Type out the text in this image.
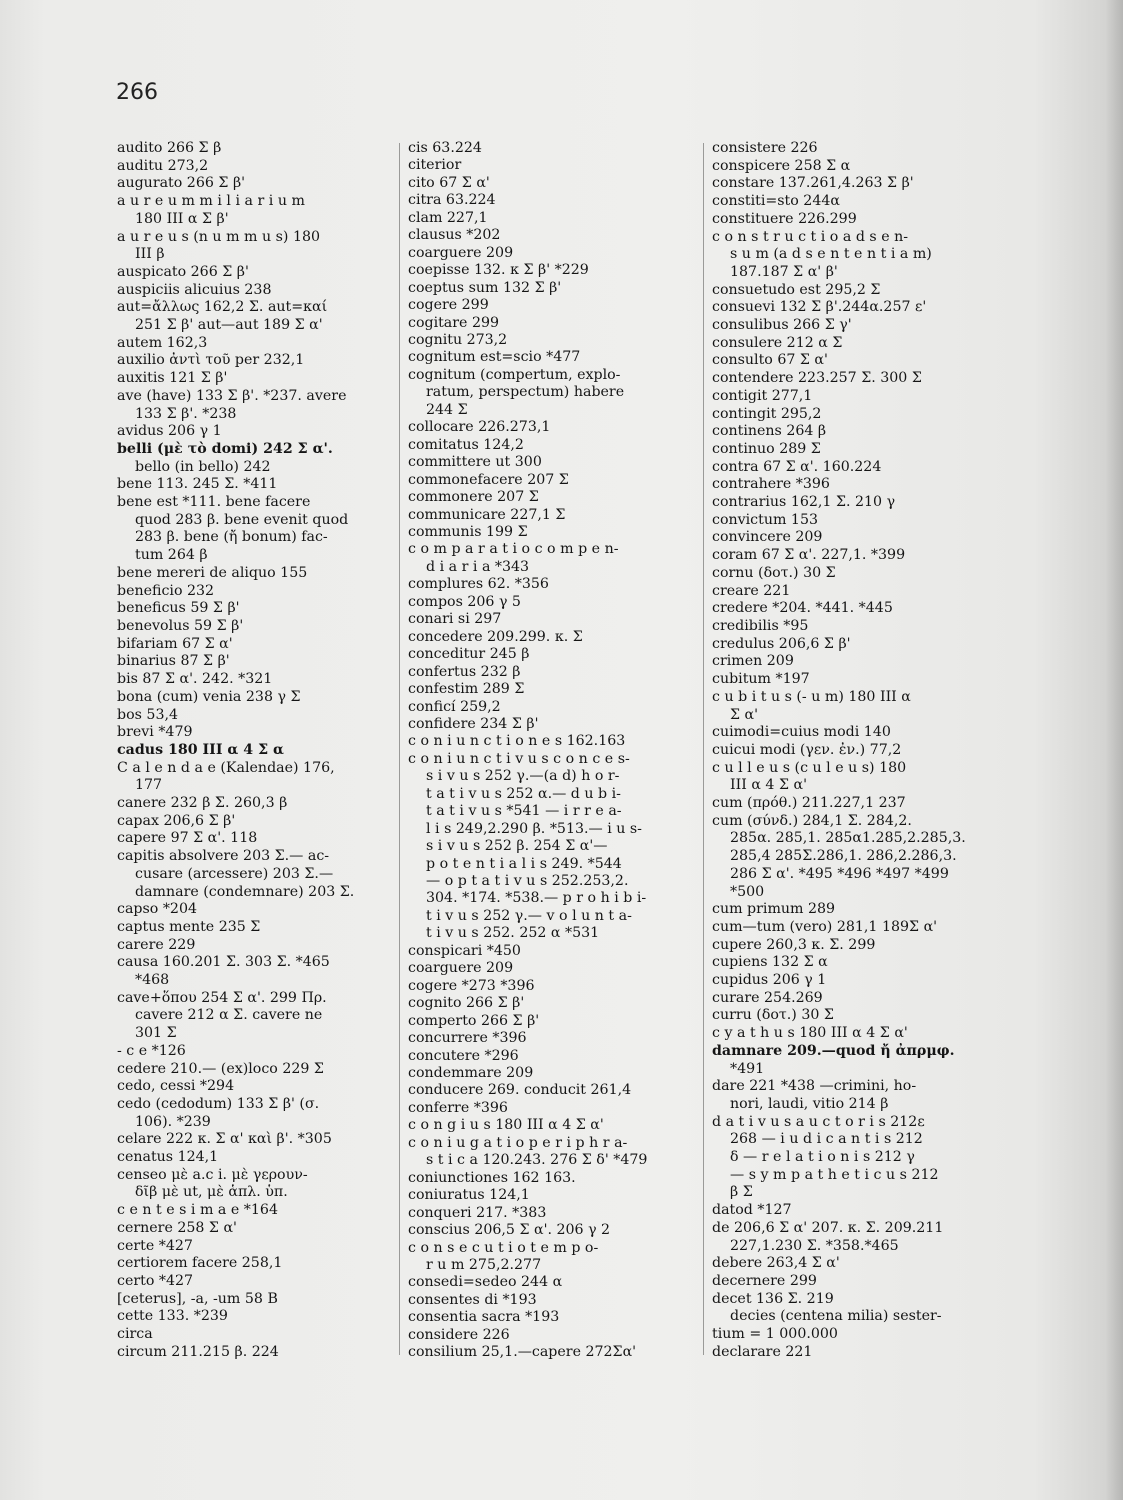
266
audito 266 Σ β
auditu 273,2
augurato 266 Σ β'
a u r e u m m i l i a r i u m
180 III α Σ β'
a u r e u s (n u m m u s) 180
III β
auspicato 266 Σ β'
auspiciis alicuius 238
aut=ἄλλως 162,2 Σ. aut=καί
251 Σ β' aut—aut 189 Σ α'
autem 162,3
auxilio ἀντὶ τοῦ per 232,1
auxitis 121 Σ β'
ave (have) 133 Σ β'. *237. avere
133 Σ β'. *238
avidus 206 γ 1
belli (μὲ τὸ domi) 242 Σ α'.
bello (in bello) 242
bene 113. 245 Σ. *411
bene est *111. bene facere
quod 283 β. bene evenit quod
283 β. bene (ἤ bonum) fac-
tum 264 β
bene mereri de aliquo 155
beneficio 232
beneficus 59 Σ β'
benevolus 59 Σ β'
bifariam 67 Σ α'
binarius 87 Σ β'
bis 87 Σ α'. 242. *321
bona (cum) venia 238 γ Σ
bos 53,4
brevi *479
cadus 180 III α 4 Σ α
C a l e n d a e (Kalendae) 176,
177
canere 232 β Σ. 260,3 β
capax 206,6 Σ β'
capere 97 Σ α'. 118
capitis absolvere 203 Σ.— ac-
cusare (arcessere) 203 Σ.—
damnare (condemnare) 203 Σ.
capso *204
captus mente 235 Σ
carere 229
causa 160.201 Σ. 303 Σ. *465
*468
cave+ὅπου 254 Σ α'. 299 Πρ.
cavere 212 α Σ. cavere ne
301 Σ
- c e *126
cedere 210.— (ex)loco 229 Σ
cedo, cessi *294
cedo (cedodum) 133 Σ β' (σ.
106). *239
celare 222 κ. Σ α' καὶ β'. *305
cenatus 124,1
censeo μὲ a.c i. μὲ γερουν-
δῖβ μὲ ut, μὲ ἁπλ. ὑπ.
c e n t e s i m a e *164
cernere 258 Σ α'
certe *427
certiorem facere 258,1
certo *427
[ceterus], -a, -um 58 B
cette 133. *239
circa
circum 211.215 β. 224
cis 63.224
citerior
cito 67 Σ α'
citra 63.224
clam 227,1
clausus *202
coarguere 209
coepisse 132. κ Σ β' *229
coeptus sum 132 Σ β'
cogere 299
cogitare 299
cognitu 273,2
cognitum est=scio *477
cognitum (compertum, explo-
ratum, perspectum) habere
244 Σ
collocare 226.273,1
comitatus 124,2
committere ut 300
commonefacere 207 Σ
commonere 207 Σ
communicare 227,1 Σ
communis 199 Σ
c o m p a r a t i o c o m p e n-
d i a r i a *343
complures 62. *356
compos 206 γ 5
conari si 297
concedere 209.299. κ. Σ
conceditur 245 β
confertus 232 β
confestim 289 Σ
conficí 259,2
confidere 234 Σ β'
c o n i u n c t i o n e s 162.163
c o n i u n c t i v u s c o n c e s-
s i v u s 252 γ.—(a d) h o r-
t a t i v u s 252 α.— d u b i-
t a t i v u s *541 — i r r e a-
l i s 249,2.290 β. *513.— i u s-
s i v u s 252 β. 254 Σ α'—
p o t e n t i a l i s 249. *544
— o p t a t i v u s 252.253,2.
304. *174. *538.— p r o h i b i-
t i v u s 252 γ.— v o l u n t a-
t i v u s 252. 252 α *531
conspicari *450
coarguere 209
cogere *273 *396
cognito 266 Σ β'
comperto 266 Σ β'
concurrere *396
concutere *296
condemmare 209
conducere 269. conducit 261,4
conferre *396
c o n g i u s 180 III α 4 Σ α'
c o n i u g a t i o p e r i p h r a-
s t i c a 120.243. 276 Σ δ' *479
coniunctiones 162 163.
coniuratus 124,1
conqueri 217. *383
conscius 206,5 Σ α'. 206 γ 2
c o n s e c u t i o t e m p o-
r u m 275,2.277
consedi=sedeo 244 α
consentes di *193
consentia sacra *193
considere 226
consilium 25,1.—capere 272Σα'
consistere 226
conspicere 258 Σ α
constare 137.261,4.263 Σ β'
constiti=sto 244α
constituere 226.299
c o n s t r u c t i o a d s e n-
s u m (a d s e n t e n t i a m)
187.187 Σ α' β'
consuetudo est 295,2 Σ
consuevi 132 Σ β'.244α.257 ε'
consulibus 266 Σ γ'
consulere 212 α Σ
consulto 67 Σ α'
contendere 223.257 Σ. 300 Σ
contigit 277,1
contingit 295,2
continens 264 β
continuo 289 Σ
contra 67 Σ α'. 160.224
contrahere *396
contrarius 162,1 Σ. 210 γ
convictum 153
convincere 209
coram 67 Σ α'. 227,1. *399
cornu (δοτ.) 30 Σ
creare 221
credere *204. *441. *445
credibilis *95
credulus 206,6 Σ β'
crimen 209
cubitum *197
c u b i t u s (- u m) 180 III α
Σ α'
cuimodi=cuius modi 140
cuicui modi (γεν. ἐν.) 77,2
c u l l e u s (c u l e u s) 180
III α 4 Σ α'
cum (πρόθ.) 211.227,1 237
cum (σύνδ.) 284,1 Σ. 284,2.
285α. 285,1. 285α1.285,2.285,3.
285,4 285Σ.286,1. 286,2.286,3.
286 Σ α'. *495 *496 *497 *499
*500
cum primum 289
cum—tum (vero) 281,1 189Σ α'
cupere 260,3 κ. Σ. 299
cupiens 132 Σ α
cupidus 206 γ 1
curare 254.269
curru (δοτ.) 30 Σ
c y a t h u s 180 III α 4 Σ α'
damnare 209.—quod ἤ ἀπρμφ.
*491
dare 221 *438 —crimini, ho-
nori, laudi, vitio 214 β
d a t i v u s a u c t o r i s 212ε
268 — i u d i c a n t i s 212
δ — r e l a t i o n i s 212 γ
— s y m p a t h e t i c u s 212
β Σ
datod *127
de 206,6 Σ α' 207. κ. Σ. 209.211
227,1.230 Σ. *358.*465
debere 263,4 Σ α'
decernere 299
decet 136 Σ. 219
decies (centena milia) sester-
tium = 1 000.000
declarare 221
